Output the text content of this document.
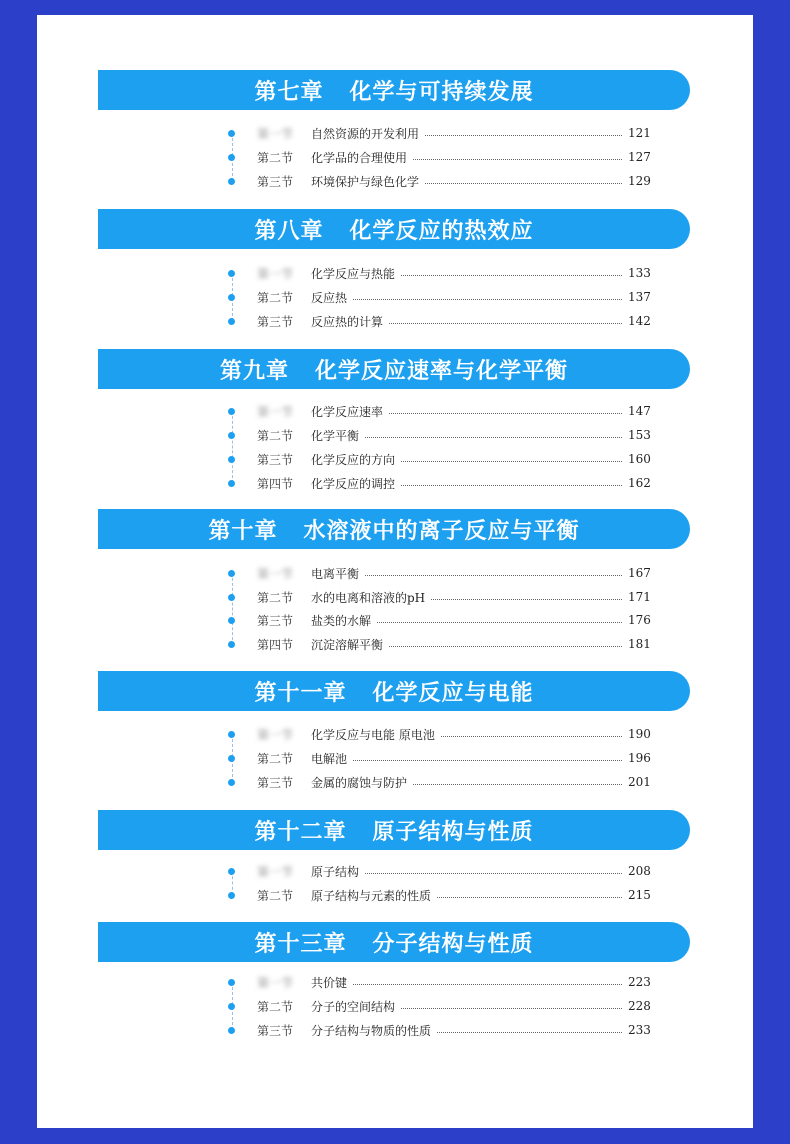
第七章 化学与可持续发展
第一节	自然资源的开发利用	121
第二节	化学品的合理使用	127
第三节	环境保护与绿色化学	129
第八章 化学反应的热效应
第一节	化学反应与热能	133
第二节	反应热	137
第三节	反应热的计算	142
第九章 化学反应速率与化学平衡
第一节	化学反应速率	147
第二节	化学平衡	153
第三节	化学反应的方向	160
第四节	化学反应的调控	162
第十章 水溶液中的离子反应与平衡
第一节	电离平衡	167
第二节	水的电离和溶液的pH	171
第三节	盐类的水解	176
第四节	沉淀溶解平衡	181
第十一章 化学反应与电能
第一节	化学反应与电能 原电池	190
第二节	电解池	196
第三节	金属的腐蚀与防护	201
第十二章 原子结构与性质
第一节	原子结构	208
第二节	原子结构与元素的性质	215
第十三章 分子结构与性质
第一节	共价键	223
第二节	分子的空间结构	228
第三节	分子结构与物质的性质	233
